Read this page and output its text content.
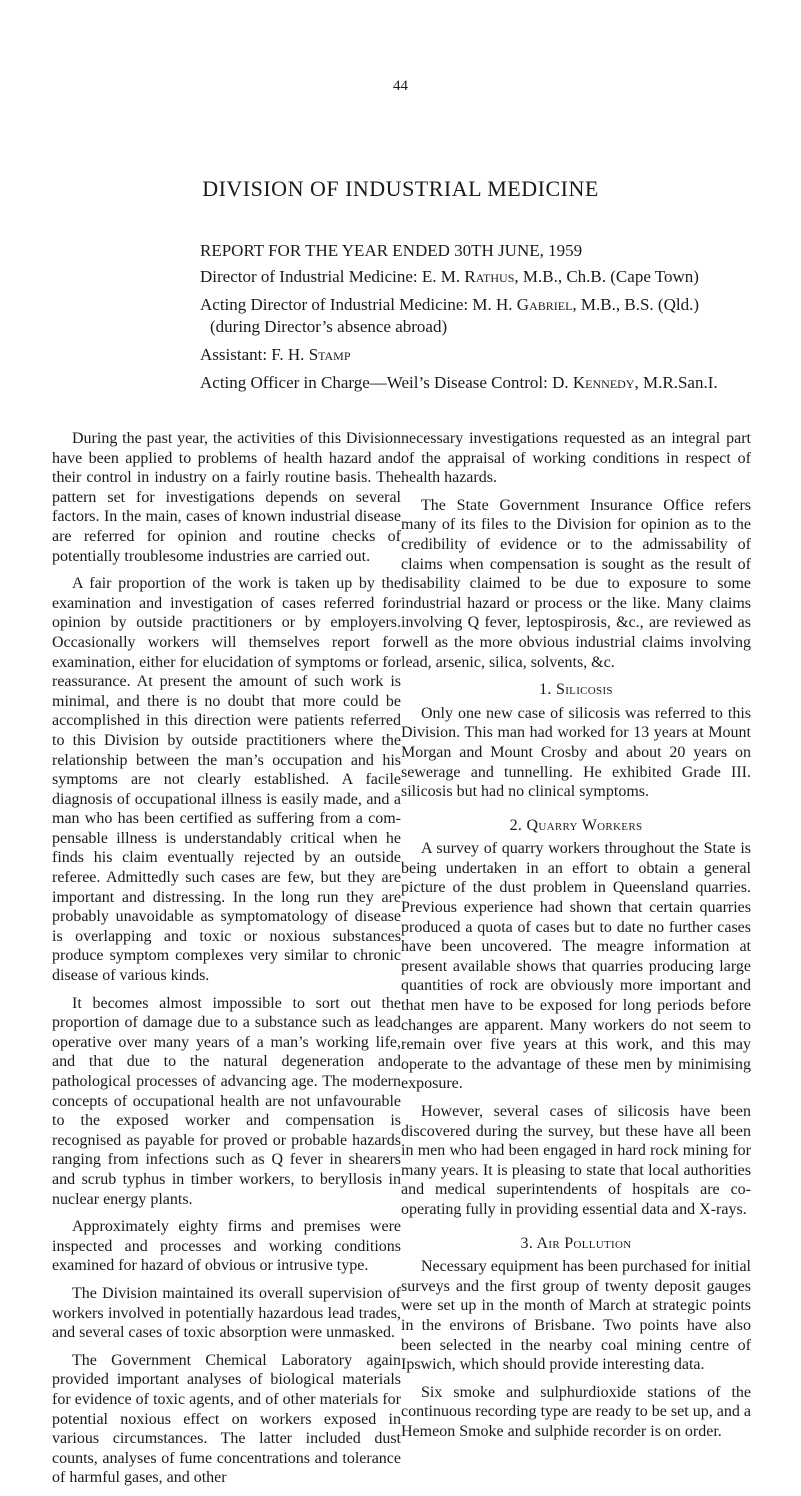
44
DIVISION OF INDUSTRIAL MEDICINE
REPORT FOR THE YEAR ENDED 30TH JUNE, 1959
Director of Industrial Medicine: E. M. Rathus, M.B., Ch.B. (Cape Town)
Acting Director of Industrial Medicine: M. H. Gabriel, M.B., B.S. (Qld.)
(during Director’s absence abroad)
Assistant: F. H. Stamp
Acting Officer in Charge—Weil’s Disease Control: D. Kennedy, M.R.San.I.

During the past year, the activities of this Division have been applied to problems of health hazard and their control in industry on a fairly routine basis. The pattern set for investigations depends on several factors. In the main, cases of known industrial disease are referred for opinion and routine checks of potentially troublesome industries are carried out.

A fair proportion of the work is taken up by the examination and investigation of cases referred for opinion by outside practitioners or by employers. Occasionally workers will themselves report for examination, either for elucidation of symptoms or for reassurance. At present the amount of such work is minimal, and there is no doubt that more could be accomplished in this direction were patients referred to this Division by outside practitioners where the relationship between the man’s occupation and his symptoms are not clearly established. A facile diagnosis of occupational illness is easily made, and a man who has been certified as suffering from a compensable illness is understandably critical when he finds his claim eventually rejected by an outside referee. Admittedly such cases are few, but they are important and distressing. In the long run they are probably unavoidable as symptomatology of disease is overlapping and toxic or noxious substances produce symptom complexes very similar to chronic disease of various kinds.

It becomes almost impossible to sort out the proportion of damage due to a substance such as lead operative over many years of a man’s working life, and that due to the natural degeneration and pathological processes of advancing age. The modern concepts of occupational health are not unfavourable to the exposed worker and compensation is recognised as payable for proved or probable hazards ranging from infections such as Q fever in shearers and scrub typhus in timber workers, to beryllosis in nuclear energy plants.

Approximately eighty firms and premises were inspected and processes and working conditions examined for hazard of obvious or intrusive type.

The Division maintained its overall supervision of workers involved in potentially hazardous lead trades, and several cases of toxic absorption were unmasked.

The Government Chemical Laboratory again provided important analyses of biological materials for evidence of toxic agents, and of other materials for potential noxious effect on workers exposed in various circumstances. The latter included dust counts, analyses of fume concentrations and tolerance of harmful gases, and other

necessary investigations requested as an integral part of the appraisal of working conditions in respect of health hazards.

The State Government Insurance Office refers many of its files to the Division for opinion as to the credibility of evidence or to the admissability of claims when compensation is sought as the result of disability claimed to be due to exposure to some industrial hazard or process or the like. Many claims involving Q fever, leptospirosis, &c., are reviewed as well as the more obvious industrial claims involving lead, arsenic, silica, solvents, &c.

1. Silicosis

Only one new case of silicosis was referred to this Division. This man had worked for 13 years at Mount Morgan and Mount Crosby and about 20 years on sewerage and tunnelling. He exhibited Grade III. silicosis but had no clinical symptoms.

2. Quarry Workers

A survey of quarry workers throughout the State is being undertaken in an effort to obtain a general picture of the dust problem in Queensland quarries. Previous experience had shown that certain quarries produced a quota of cases but to date no further cases have been uncovered. The meagre information at present available shows that quarries producing large quantities of rock are obviously more important and that men have to be exposed for long periods before changes are apparent. Many workers do not seem to remain over five years at this work, and this may operate to the advantage of these men by minimising exposure.

However, several cases of silicosis have been discovered during the survey, but these have all been in men who had been engaged in hard rock mining for many years. It is pleasing to state that local authorities and medical superintendents of hospitals are co-operating fully in providing essential data and X-rays.

3. Air Pollution

Necessary equipment has been purchased for initial surveys and the first group of twenty deposit gauges were set up in the month of March at strategic points in the environs of Brisbane. Two points have also been selected in the nearby coal mining centre of Ipswich, which should provide interesting data.

Six smoke and sulphurdioxide stations of the continuous recording type are ready to be set up, and a Hemeon Smoke and sulphide recorder is on order.
